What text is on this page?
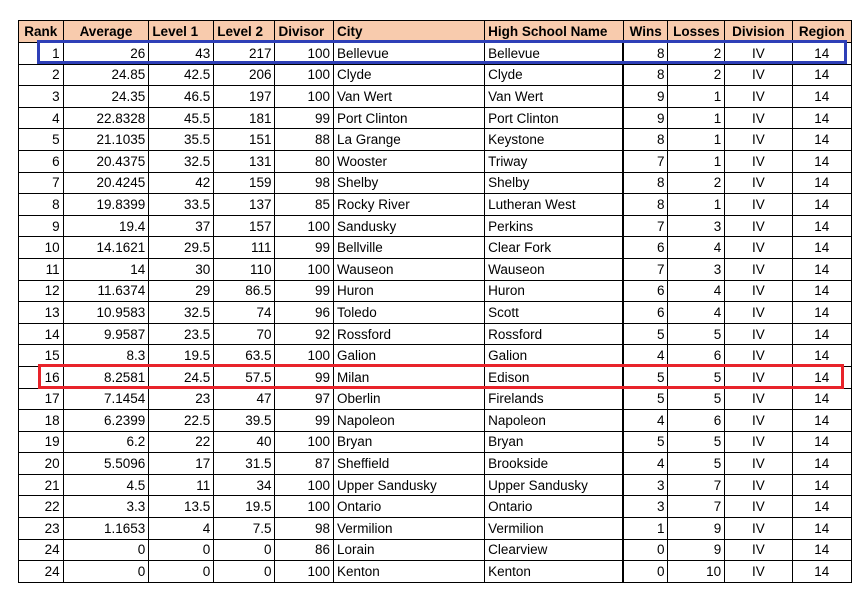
Rank	Average	Level 1	Level 2	Divisor	City	High School Name	Wins	Losses	Division	Region
1	26	43	217	100	Bellevue	Bellevue	8	2	IV	14
2	24.85	42.5	206	100	Clyde	Clyde	8	2	IV	14
3	24.35	46.5	197	100	Van Wert	Van Wert	9	1	IV	14
4	22.8328	45.5	181	99	Port Clinton	Port Clinton	9	1	IV	14
5	21.1035	35.5	151	88	La Grange	Keystone	8	1	IV	14
6	20.4375	32.5	131	80	Wooster	Triway	7	1	IV	14
7	20.4245	42	159	98	Shelby	Shelby	8	2	IV	14
8	19.8399	33.5	137	85	Rocky River	Lutheran West	8	1	IV	14
9	19.4	37	157	100	Sandusky	Perkins	7	3	IV	14
10	14.1621	29.5	111	99	Bellville	Clear Fork	6	4	IV	14
11	14	30	110	100	Wauseon	Wauseon	7	3	IV	14
12	11.6374	29	86.5	99	Huron	Huron	6	4	IV	14
13	10.9583	32.5	74	96	Toledo	Scott	6	4	IV	14
14	9.9587	23.5	70	92	Rossford	Rossford	5	5	IV	14
15	8.3	19.5	63.5	100	Galion	Galion	4	6	IV	14
16	8.2581	24.5	57.5	99	Milan	Edison	5	5	IV	14
17	7.1454	23	47	97	Oberlin	Firelands	5	5	IV	14
18	6.2399	22.5	39.5	99	Napoleon	Napoleon	4	6	IV	14
19	6.2	22	40	100	Bryan	Bryan	5	5	IV	14
20	5.5096	17	31.5	87	Sheffield	Brookside	4	5	IV	14
21	4.5	11	34	100	Upper Sandusky	Upper Sandusky	3	7	IV	14
22	3.3	13.5	19.5	100	Ontario	Ontario	3	7	IV	14
23	1.1653	4	7.5	98	Vermilion	Vermilion	1	9	IV	14
24	0	0	0	86	Lorain	Clearview	0	9	IV	14
24	0	0	0	100	Kenton	Kenton	0	10	IV	14
